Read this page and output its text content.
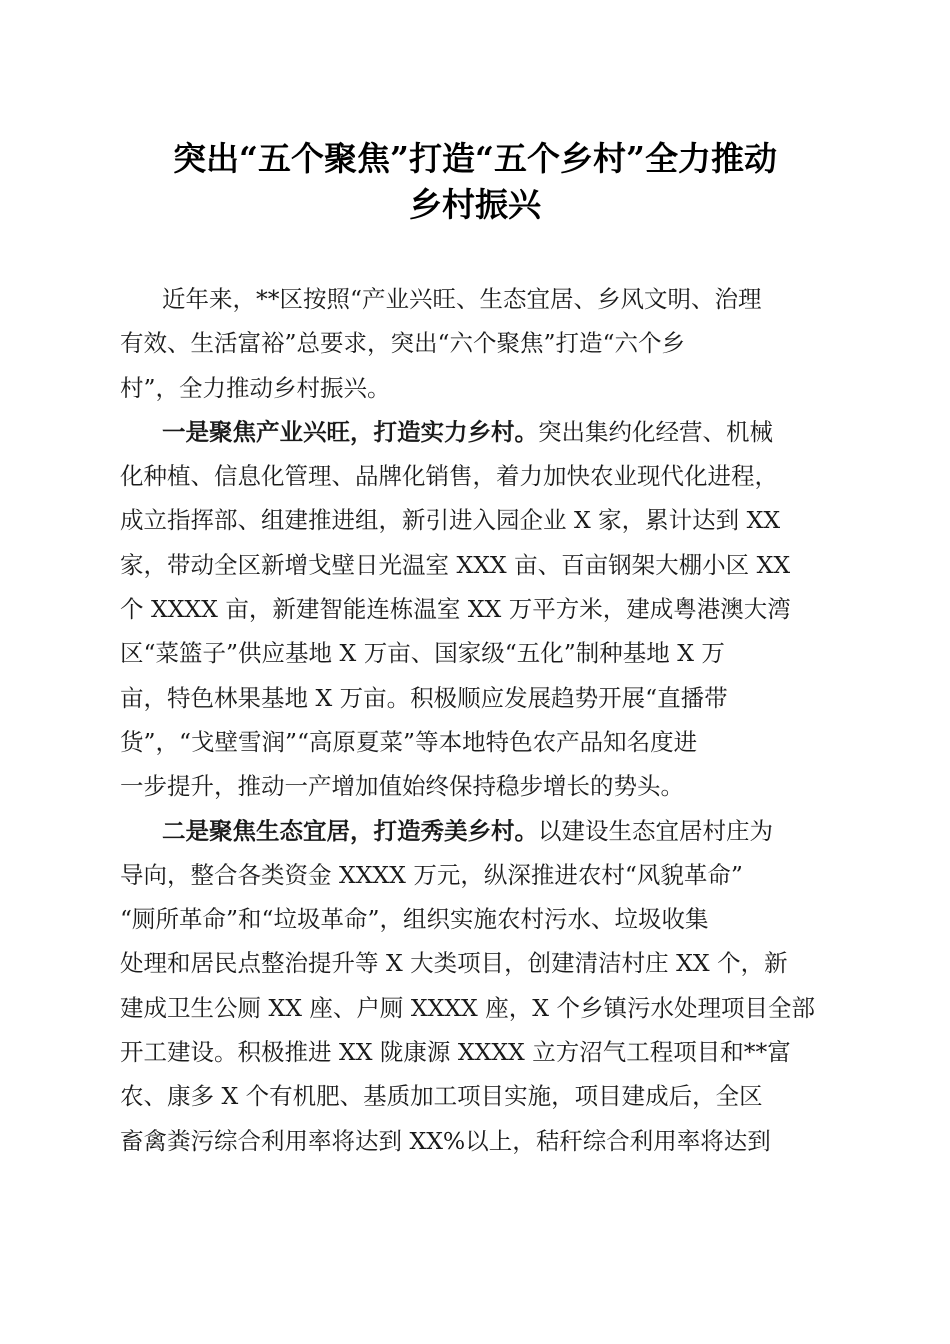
突出“五个聚焦”打造“五个乡村”全力推动
乡村振兴
近年来，**区按照“产业兴旺、生态宜居、乡风文明、治理
有效、生活富裕”总要求，突出“六个聚焦”打造“六个乡
村”，全力推动乡村振兴。
一是聚焦产业兴旺，打造实力乡村。突出集约化经营、机械
化种植、信息化管理、品牌化销售，着力加快农业现代化进程，
成立指挥部、组建推进组，新引进入园企业 X 家，累计达到 XX
家，带动全区新增戈壁日光温室 XXX 亩、百亩钢架大棚小区 XX
个 XXXX 亩，新建智能连栋温室 XX 万平方米，建成粤港澳大湾
区“菜篮子”供应基地 X 万亩、国家级“五化”制种基地 X 万
亩，特色林果基地 X 万亩。积极顺应发展趋势开展“直播带
货”，“戈壁雪润”“高原夏菜”等本地特色农产品知名度进
一步提升，推动一产增加值始终保持稳步增长的势头。
二是聚焦生态宜居，打造秀美乡村。以建设生态宜居村庄为
导向，整合各类资金 XXXX 万元，纵深推进农村“风貌革命”
“厕所革命”和“垃圾革命”，组织实施农村污水、垃圾收集
处理和居民点整治提升等 X 大类项目，创建清洁村庄 XX 个，新
建成卫生公厕 XX 座、户厕 XXXX 座，X 个乡镇污水处理项目全部
开工建设。积极推进 XX 陇康源 XXXX 立方沼气工程项目和**富
农、康多 X 个有机肥、基质加工项目实施，项目建成后，全区
畜禽粪污综合利用率将达到 XX%以上，秸秆综合利用率将达到
